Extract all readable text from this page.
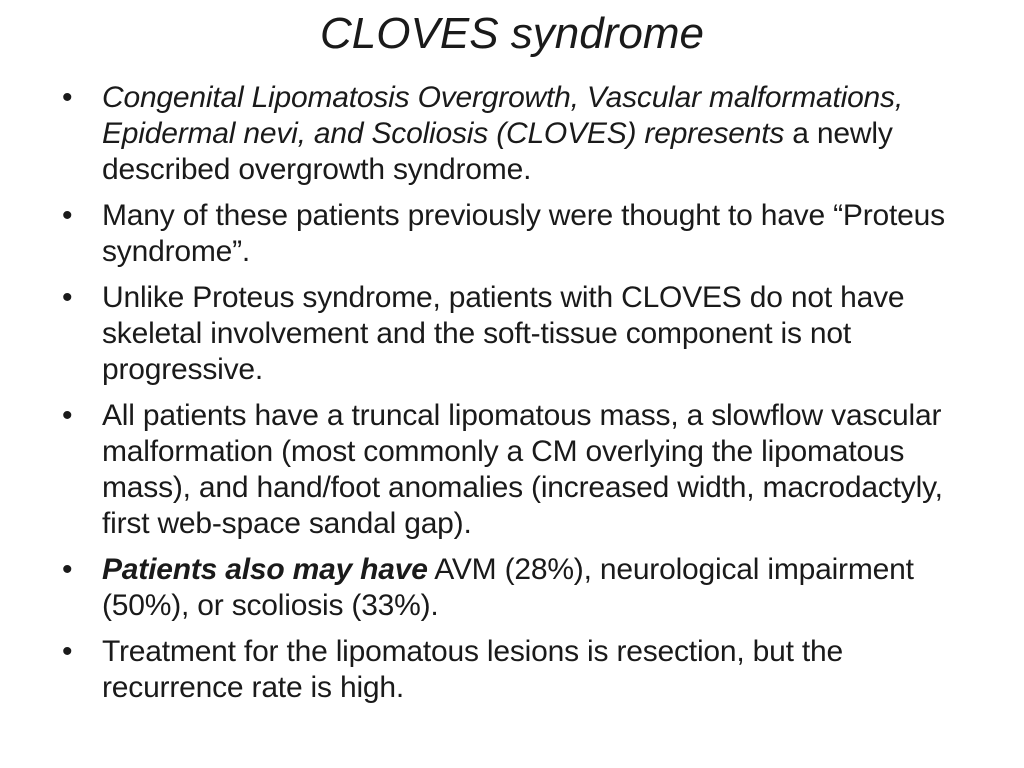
CLOVES syndrome
• Congenital Lipomatosis Overgrowth, Vascular malformations, Epidermal nevi, and Scoliosis (CLOVES) represents a newly described overgrowth syndrome.
• Many of these patients previously were thought to have “Proteus syndrome”.
• Unlike Proteus syndrome, patients with CLOVES do not have skeletal involvement and the soft-tissue component is not progressive.
• All patients have a truncal lipomatous mass, a slowflow vascular malformation (most commonly a CM overlying the lipomatous mass), and hand/foot anomalies (increased width, macrodactyly, first web-space sandal gap).
• Patients also may have AVM (28%), neurological impairment (50%), or scoliosis (33%).
• Treatment for the lipomatous lesions is resection, but the recurrence rate is high.
